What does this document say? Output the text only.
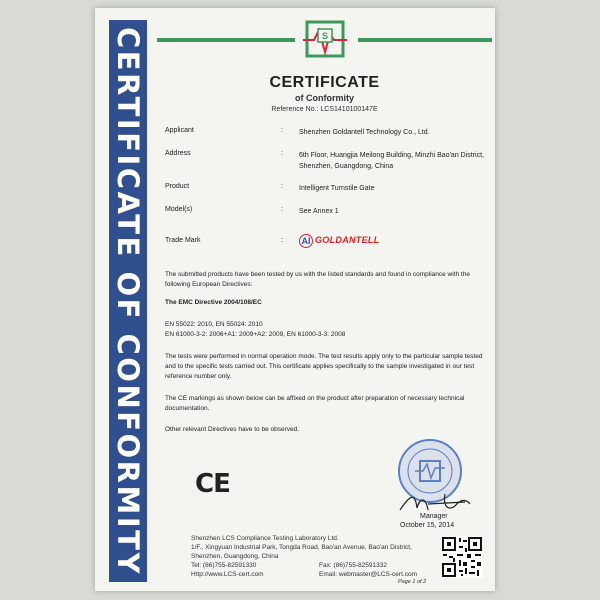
CERTIFICATE OF CONFORMITY	S
CERTIFICATE
of Conformity
Reference No.: LCS1410100147E
Applicant	: Shenzhen Goldantell Technology Co., Ltd.
Address	: 6th Floor, Huangjia Meilong Building, Minzhi Bao'an District, Shenzhen, Guangdong, China
Product	: Intelligent Turnstile Gate
Model(s)	: See Annex 1
Trade Mark	: AI GOLDANTELL
The submitted products have been tested by us with the listed standards and found in compliance with the following European Directives:
The EMC Directive 2004/108/EC
EN 55022: 2010, EN 55024: 2010
EN 61000-3-2: 2006+A1: 2009+A2: 2009, EN 61000-3-3: 2008
The tests were performed in normal operation mode. The test results apply only to the particular sample tested and to the specific tests carried out. This certificate applies specifically to the sample investigated in our test reference number only.
The CE markings as shown below can be affixed on the product after preparation of necessary technical documentation.
Other relevant Directives have to be observed.
CE
Manager
October 15, 2014
Shenzhen LCS Compliance Testing Laboratory Ltd.
1/F., Xingyuan Industrial Park, Tongda Road, Bao'an Avenue, Bao'an District,
Shenzhen, Guangdong, China
Tel: (86)755-82591330	Fax: (86)755-82591332
Http://www.LCS-cert.com	Email: webmaster@LCS-cert.com
Page 1 of 2
